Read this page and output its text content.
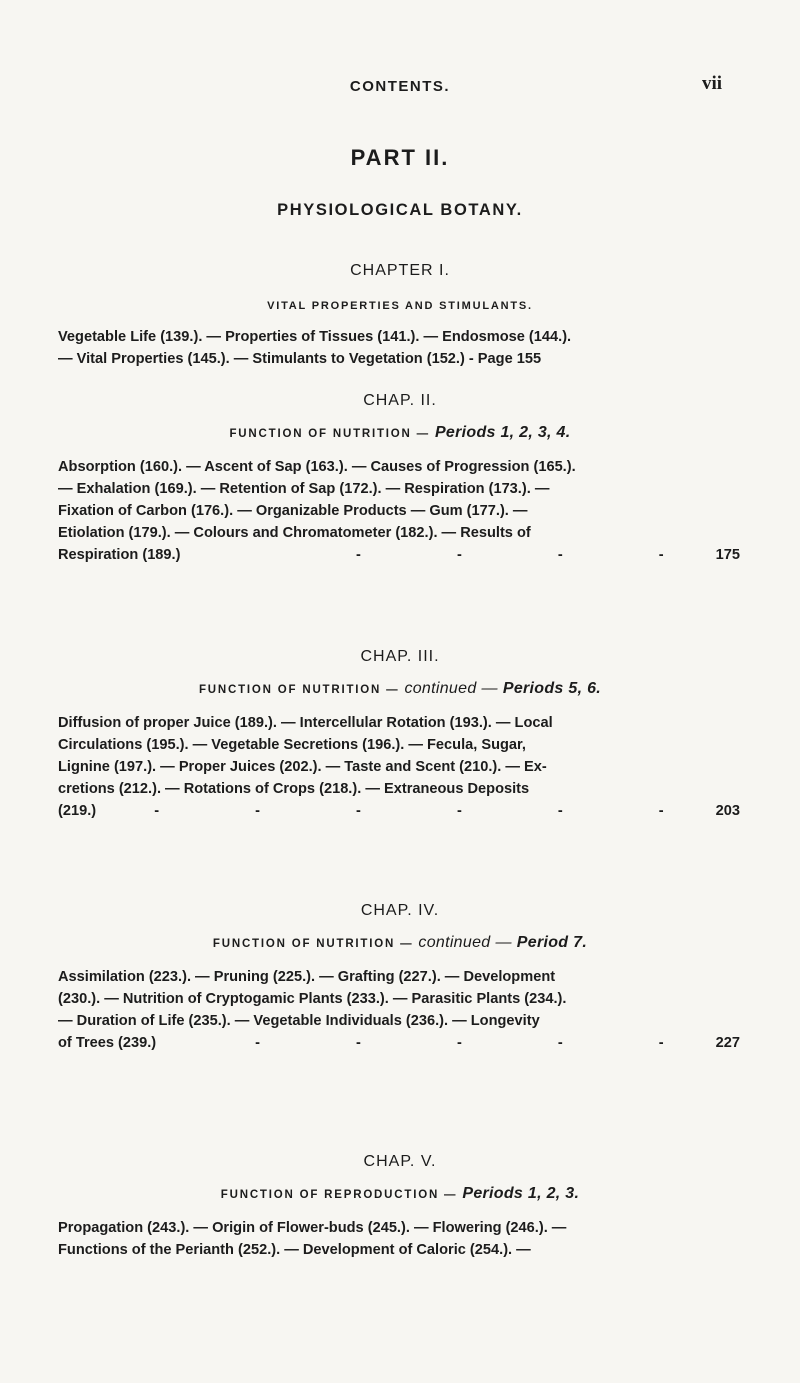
CONTENTS.	vii
PART II.
PHYSIOLOGICAL BOTANY.

CHAPTER I.

VITAL PROPERTIES AND STIMULANTS.

Vegetable Life (139.). — Properties of Tissues (141.). — Endosmose (144.).
— Vital Properties (145.). — Stimulants to Vegetation (152.) - Page 155

CHAP. II.

FUNCTION OF NUTRITION — Periods 1, 2, 3, 4.

Absorption (160.). — Ascent of Sap (163.). — Causes of Progression (165.).
— Exhalation (169.). — Retention of Sap (172.). — Respiration (173.). —
Fixation of Carbon (176.). — Organizable Products — Gum (177.). —
Etiolation (179.). — Colours and Chromatometer (182.). — Results of
Respiration (189.)	- - - - 175

CHAP. III.

FUNCTION OF NUTRITION — continued — Periods 5, 6.

Diffusion of proper Juice (189.). — Intercellular Rotation (193.). — Local
Circulations (195.). — Vegetable Secretions (196.). — Fecula, Sugar,
Lignine (197.). — Proper Juices (202.). — Taste and Scent (210.). — Ex-
cretions (212.). — Rotations of Crops (218.). — Extraneous Deposits
(219.)	- - - - - - 203

CHAP. IV.

FUNCTION OF NUTRITION — continued — Period 7.

Assimilation (223.). — Pruning (225.). — Grafting (227.). — Development
(230.). — Nutrition of Cryptogamic Plants (233.). — Parasitic Plants (234.).
— Duration of Life (235.). — Vegetable Individuals (236.). — Longevity
of Trees (239.)	- - - - - 227

CHAP. V.

FUNCTION OF REPRODUCTION — Periods 1, 2, 3.

Propagation (243.). — Origin of Flower-buds (245.). — Flowering (246.). —
Functions of the Perianth (252.). — Development of Caloric (254.). —
